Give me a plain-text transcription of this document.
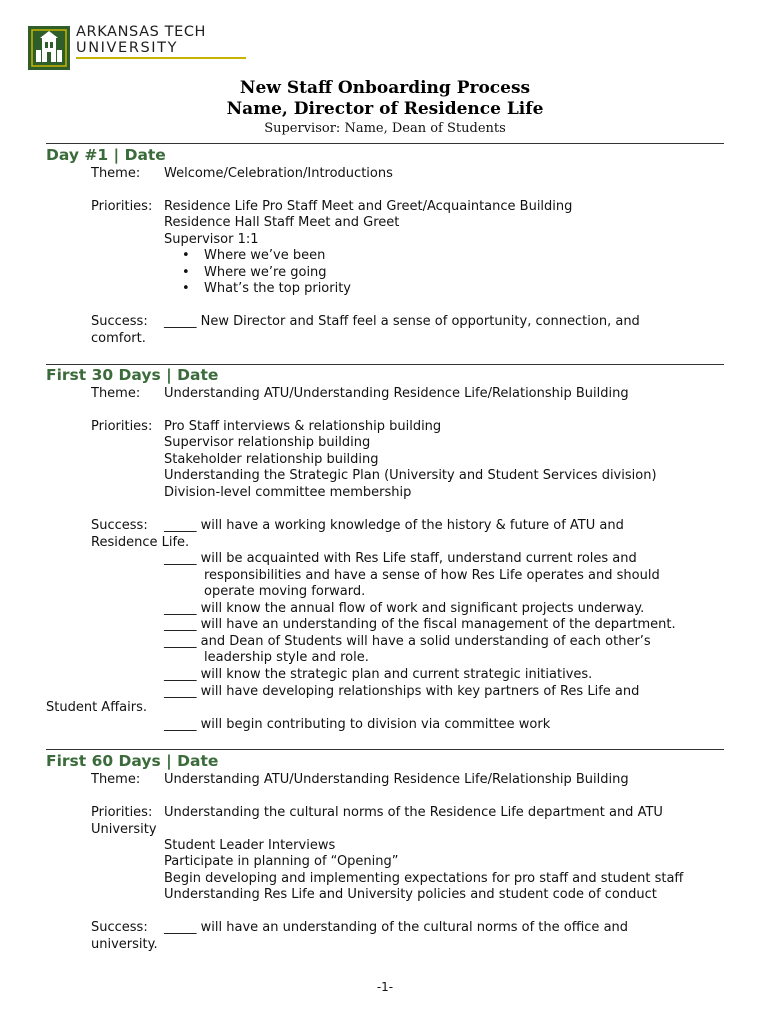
ARKANSAS TECH
UNIVERSITY
New Staff Onboarding Process
Name, Director of Residence Life
Supervisor: Name, Dean of Students
Day #1 | Date
Theme: Welcome/Celebration/Introductions
Priorities: Residence Life Pro Staff Meet and Greet/Acquaintance Building
Residence Hall Staff Meet and Greet
Supervisor 1:1
• Where we’ve been
• Where we’re going
• What’s the top priority
Success: _____ New Director and Staff feel a sense of opportunity, connection, and
comfort.
First 30 Days | Date
Theme: Understanding ATU/Understanding Residence Life/Relationship Building
Priorities: Pro Staff interviews & relationship building
Supervisor relationship building
Stakeholder relationship building
Understanding the Strategic Plan (University and Student Services division)
Division-level committee membership
Success: _____ will have a working knowledge of the history & future of ATU and
Residence Life.
_____ will be acquainted with Res Life staff, understand current roles and
responsibilities and have a sense of how Res Life operates and should
operate moving forward.
_____ will know the annual flow of work and significant projects underway.
_____ will have an understanding of the fiscal management of the department.
_____ and Dean of Students will have a solid understanding of each other’s
leadership style and role.
_____ will know the strategic plan and current strategic initiatives.
_____ will have developing relationships with key partners of Res Life and
Student Affairs.
_____ will begin contributing to division via committee work
First 60 Days | Date
Theme: Understanding ATU/Understanding Residence Life/Relationship Building
Priorities: Understanding the cultural norms of the Residence Life department and ATU
University
Student Leader Interviews
Participate in planning of “Opening”
Begin developing and implementing expectations for pro staff and student staff
Understanding Res Life and University policies and student code of conduct
Success: _____ will have an understanding of the cultural norms of the office and
university.
-1-
